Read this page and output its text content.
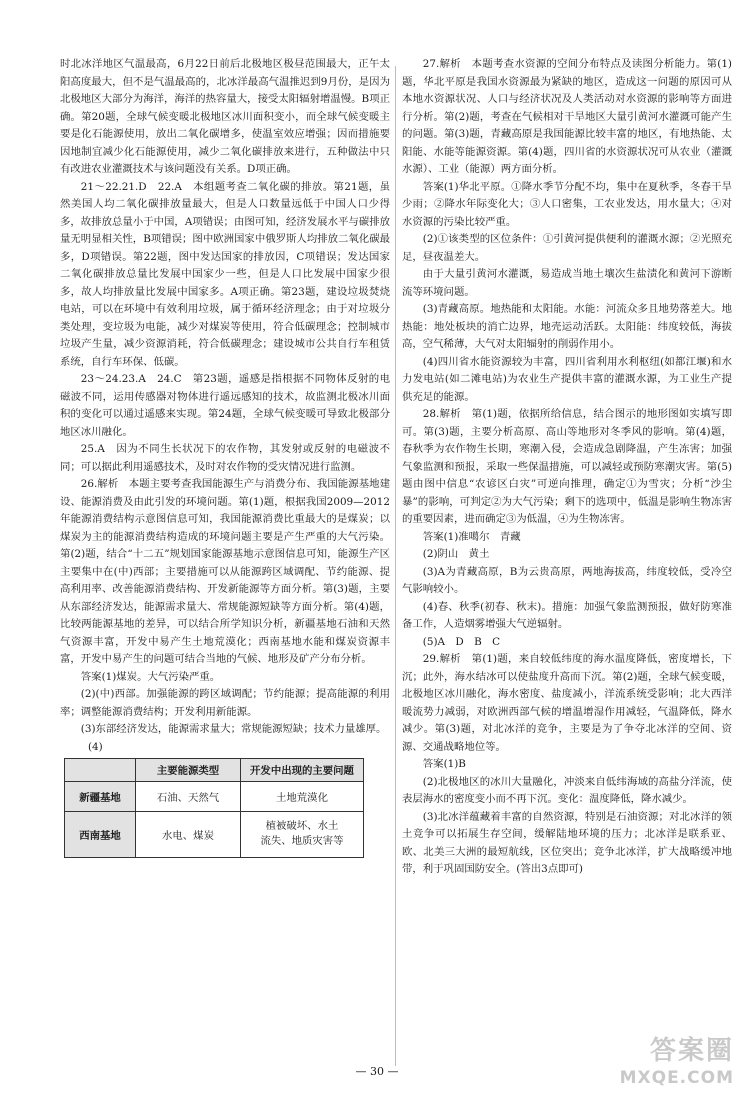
时北冰洋地区气温最高，6月22日前后北极地区极昼范围最大，正午太阳高度最大，但不是气温最高的，北冰洋最高气温推迟到9月份，是因为北极地区大部分为海洋，海洋的热容量大，接受太阳辐射增温慢。B项正确。第20题，全球气候变暖北极地区冰川面积变小，而全球气候变暖主要是化石能源使用，放出二氧化碳增多，使温室效应增强；因而措施要因地制宜减少化石能源使用，减少二氧化碳排放来进行，五种做法中只有改进农业灌溉技术与该问题没有关系。D项正确。

21～22.21.D　22.A　本组题考查二氧化碳的排放。第21题，虽然美国人均二氧化碳排放量最大，但是人口数量远低于中国人口少得多，故排放总量小于中国，A项错误；由图可知，经济发展水平与碳排放量无明显相关性，B项错误；图中欧洲国家中俄罗斯人均排放二氧化碳最多，D项错误。第22题，图中发达国家的排放因，C项错误；发达国家二氧化碳排放总量比发展中国家少一些，但是人口比发展中国家少很多，故人均排放量比发展中国家多。A项正确。第23题，建设垃圾焚烧电站，可以在环境中有效利用垃圾，属于循环经济理念；由于对垃圾分类处理，变垃圾为电能，减少对煤炭等使用，符合低碳理念；控制城市垃圾产生量，减少资源消耗，符合低碳理念；建设城市公共自行车租赁系统，自行车环保、低碳。

23～24.23.A　24.C　第23题，遥感是指根据不同物体反射的电磁波不同，运用传感器对物体进行遥远感知的技术，故监测北极冰川面积的变化可以通过遥感来实现。第24题，全球气候变暖可导致北极部分地区冰川融化。

25.A　因为不同生长状况下的农作物，其发射或反射的电磁波不同；可以据此利用遥感技术，及时对农作物的受灾情况进行监测。

26.解析　本题主要考查我国能源生产与消费分布、我国能源基地建设、能源消费及由此引发的环境问题。第(1)题，根据我国2009—2012年能源消费结构示意图信息可知，我国能源消费比重最大的是煤炭；以煤炭为主的能源消费结构造成的环境问题主要是产生严重的大气污染。第(2)题，结合“十二五”规划国家能源基地示意图信息可知，能源生产区主要集中在(中)西部；主要措施可以从能源跨区域调配、节约能源、提高利用率、改善能源消费结构、开发新能源等方面分析。第(3)题，主要从东部经济发达，能源需求量大、常规能源短缺等方面分析。第(4)题，比较两能源基地的差异，可以结合所学知识分析，新疆基地石油和天然气资源丰富，开发中易产生土地荒漠化；西南基地水能和煤炭资源丰富，开发中易产生的问题可结合当地的气候、地形及矿产分布分析。

答案(1)煤炭。大气污染严重。

(2)(中)西部。加强能源的跨区域调配；节约能源；提高能源的利用率；调整能源消费结构；开发利用新能源。

(3)东部经济发达，能源需求量大；常规能源短缺；技术力量雄厚。

(4)
	主要能源类型	开发中出现的主要问题
新疆基地	石油、天然气	土地荒漠化
西南基地	水电、煤炭	植被破坏、水土
流失、地质灾害等

27.解析　本题考查水资源的空间分布特点及读图分析能力。第(1)题，华北平原是我国水资源最为紧缺的地区，造成这一问题的原因可从本地水资源状况、人口与经济状况及人类活动对水资源的影响等方面进行分析。第(2)题，考查在气候相对干旱地区大量引黄河水灌溉可能产生的问题。第(3)题，青藏高原是我国能源比较丰富的地区，有地热能、太阳能、水能等能源资源。第(4)题，四川省的水资源状况可从农业（灌溉水源）、工业（能源）两方面分析。

答案(1)华北平原。①降水季节分配不均，集中在夏秋季，冬春干旱少雨；②降水年际变化大；③人口密集，工农业发达，用水量大；④对水资源的污染比较严重。

(2)①该类型的区位条件：①引黄河提供便利的灌溉水源；②光照充足，昼夜温差大。

由于大量引黄河水灌溉，易造成当地土壤次生盐渍化和黄河下游断流等环境问题。

(3)青藏高原。地热能和太阳能。水能：河流众多且地势落差大。地热能：地处板块的消亡边界，地壳运动活跃。太阳能：纬度较低，海拔高，空气稀薄，大气对太阳辐射的削弱作用小。

(4)四川省水能资源较为丰富，四川省利用水利枢纽(如都江堰)和水力发电站(如二滩电站)为农业生产提供丰富的灌溉水源，为工业生产提供充足的能源。

28.解析　第(1)题，依据所给信息，结合图示的地形图如实填写即可。第(3)题，主要分析高原、高山等地形对冬季风的影响。第(4)题，春秋季为农作物生长期，寒潮入侵，会造成急剧降温，产生冻害；加强气象监测和预报，采取一些保温措施，可以减轻或预防寒潮灾害。第(5)题由图中信息“农谚区白灾”可逆向推理，确定①为雪灾；分析“沙尘暴”的影响，可判定②为大气污染；剩下的选项中，低温是影响生物冻害的重要因素，进而确定③为低温，④为生物冻害。

答案(1)准噶尔　青藏

(2)阴山　黄土

(3)A为青藏高原，B为云贵高原，两地海拔高，纬度较低，受冷空气影响较小。

(4)春、秋季(初春、秋末)。措施：加强气象监测预报，做好防寒准备工作，人造烟雾增强大气逆辐射。

(5)A　D　B　C

29.解析　第(1)题，来自较低纬度的海水温度降低，密度增长，下沉；此外，海水结冰可以使盐度升高而下沉。第(2)题，全球气候变暖，北极地区冰川融化，海水密度、盐度减小，洋流系统受影响；北大西洋暖流势力减弱，对欧洲西部气候的增温增湿作用减轻，气温降低，降水减少。第(3)题，对北冰洋的竞争，主要是为了争夺北冰洋的空间、资源、交通战略地位等。

答案(1)B

(2)北极地区的冰川大量融化，冲淡来自低纬海域的高盐分洋流，使表层海水的密度变小而不再下沉。变化：温度降低，降水减少。

(3)北冰洋蕴藏着丰富的自然资源，特别是石油资源；对北冰洋的领土竞争可以拓展生存空间，缓解陆地环境的压力；北冰洋是联系亚、欧、北美三大洲的最短航线，区位突出；竞争北冰洋，扩大战略缓冲地带，利于巩固国防安全。(答出3点即可)

— 30 —
答案圈
MXQE.COM
